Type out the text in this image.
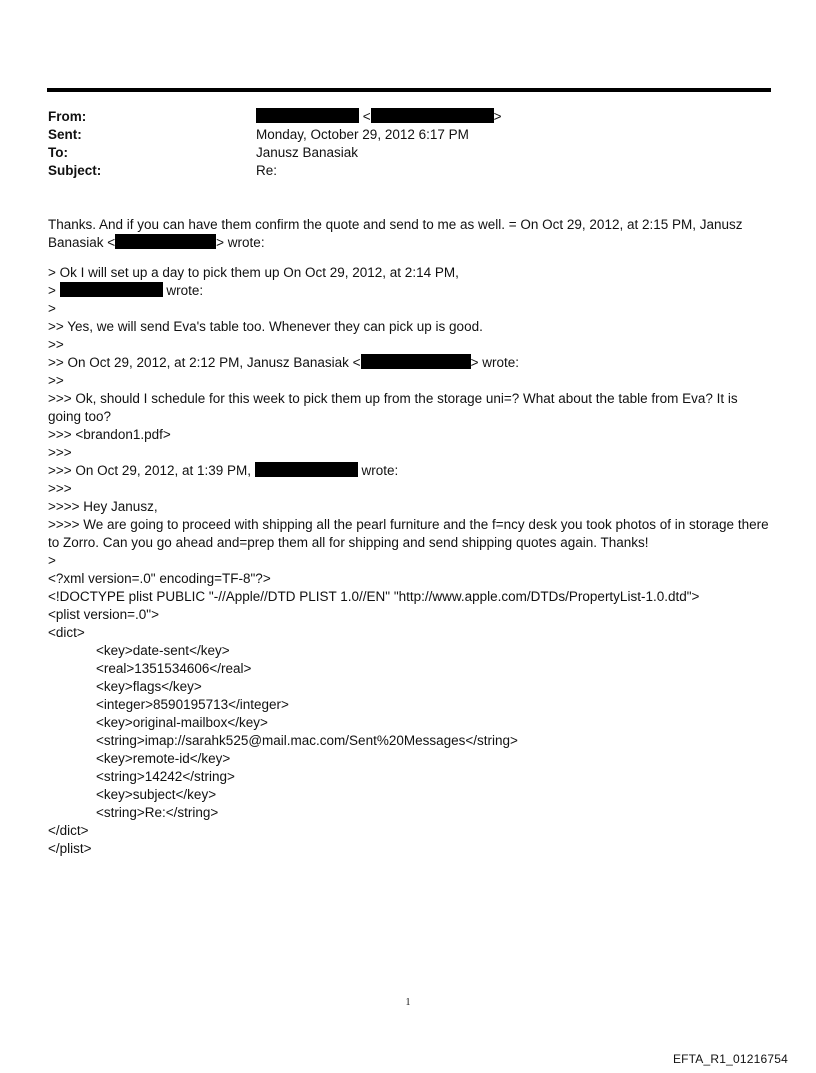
From:	<	>
Sent:	Monday, October 29, 2012 6:17 PM
To:	Janusz Banasiak
Subject:	Re:
Thanks. And if you can have them confirm the quote and send to me as well. = On Oct 29, 2012, at 2:15 PM, Janusz Banasiak <	> wrote:
> Ok I will set up a day to pick them up On Oct 29, 2012, at 2:14 PM,
>	wrote:
>
>> Yes, we will send Eva's table too. Whenever they can pick up is good.
>>
>> On Oct 29, 2012, at 2:12 PM, Janusz Banasiak <	> wrote:
>>
>>> Ok, should I schedule for this week to pick them up from the storage uni=? What about the table from Eva? It is going too?
>>> <brandon1.pdf>
>>>
>>> On Oct 29, 2012, at 1:39 PM,	wrote:
>>>
>>>> Hey Janusz,
>>>> We are going to proceed with shipping all the pearl furniture and the f=ncy desk you took photos of in storage there to Zorro. Can you go ahead and=prep them all for shipping and send shipping quotes again. Thanks!
>
<?xml version=.0" encoding=TF-8"?>
<!DOCTYPE plist PUBLIC "-//Apple//DTD PLIST 1.0//EN" "http://www.apple.com/DTDs/PropertyList-1.0.dtd">
<plist version=.0">
<dict>
<key>date-sent</key>
<real>1351534606</real>
<key>flags</key>
<integer>8590195713</integer>
<key>original-mailbox</key>
<string>imap://sarahk525@mail.mac.com/Sent%20Messages</string>
<key>remote-id</key>
<string>14242</string>
<key>subject</key>
<string>Re:</string>
</dict>
</plist>
1
EFTA_R1_01216754
